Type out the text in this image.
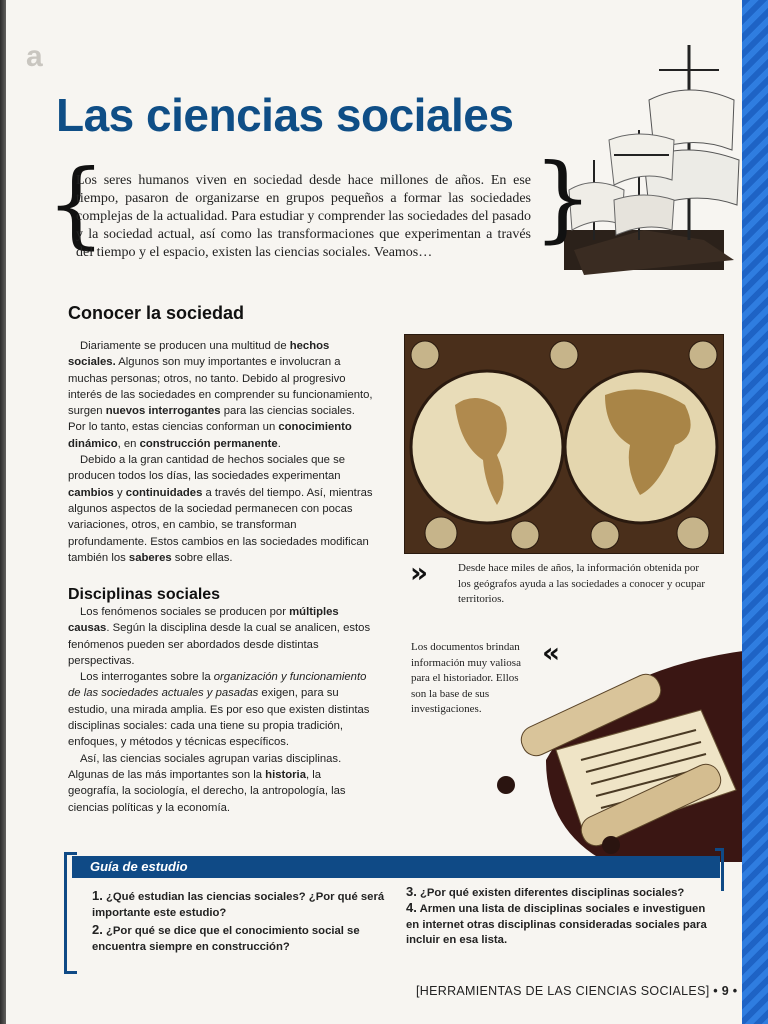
a
Las ciencias sociales
{

Los seres humanos viven en sociedad desde hace millones de años. En ese tiempo, pasaron de organizarse en grupos pequeños a formar las sociedades complejas de la actualidad. Para estudiar y comprender las sociedades del pasado y la sociedad actual, así como las transformaciones que experimentan a través del tiempo y el espacio, existen las ciencias sociales. Veamos…	}
Conocer la sociedad

Diariamente se producen una multitud de hechos sociales. Algunos son muy importantes e involucran a muchas personas; otros, no tanto. Debido al progresivo interés de las sociedades en comprender su funcionamiento, surgen nuevos interrogantes para las ciencias sociales. Por lo tanto, estas ciencias conforman un conocimiento dinámico, en construcción permanente.

Debido a la gran cantidad de hechos sociales que se producen todos los días, las sociedades experimentan cambios y continuidades a través del tiempo. Así, mientras algunos aspectos de la sociedad permanecen con pocas variaciones, otros, en cambio, se transforman profundamente. Estos cambios en las sociedades modifican también los saberes sobre ellas.

Disciplinas sociales

Los fenómenos sociales se producen por múltiples causas. Según la disciplina desde la cual se analicen, estos fenómenos pueden ser abordados desde distintas perspectivas.

Los interrogantes sobre la organización y funcionamiento de las sociedades actuales y pasadas exigen, para su estudio, una mirada amplia. Es por eso que existen distintas disciplinas sociales: cada una tiene su propia tradición, enfoques, y métodos y técnicas específicos.

Así, las ciencias sociales agrupan varias disciplinas. Algunas de las más importantes son la historia, la geografía, la sociología, el derecho, la antropología, las ciencias políticas y la economía.

»	Desde hace miles de años, la información obtenida por los geógrafos ayuda a las sociedades a conocer y ocupar territorios.
Los documentos brindan información muy valiosa para el historiador. Ellos son la base de sus investigaciones.
«
Guía de estudio
1. ¿Qué estudian las ciencias sociales? ¿Por qué será importante este estudio?
2. ¿Por qué se dice que el conocimiento social se encuentra siempre en construcción?
3. ¿Por qué existen diferentes disciplinas sociales?
4. Armen una lista de disciplinas sociales e investiguen en internet otras disciplinas consideradas sociales para incluir en esa lista.
[HERRAMIENTAS DE LAS CIENCIAS SOCIALES] • 9 •
